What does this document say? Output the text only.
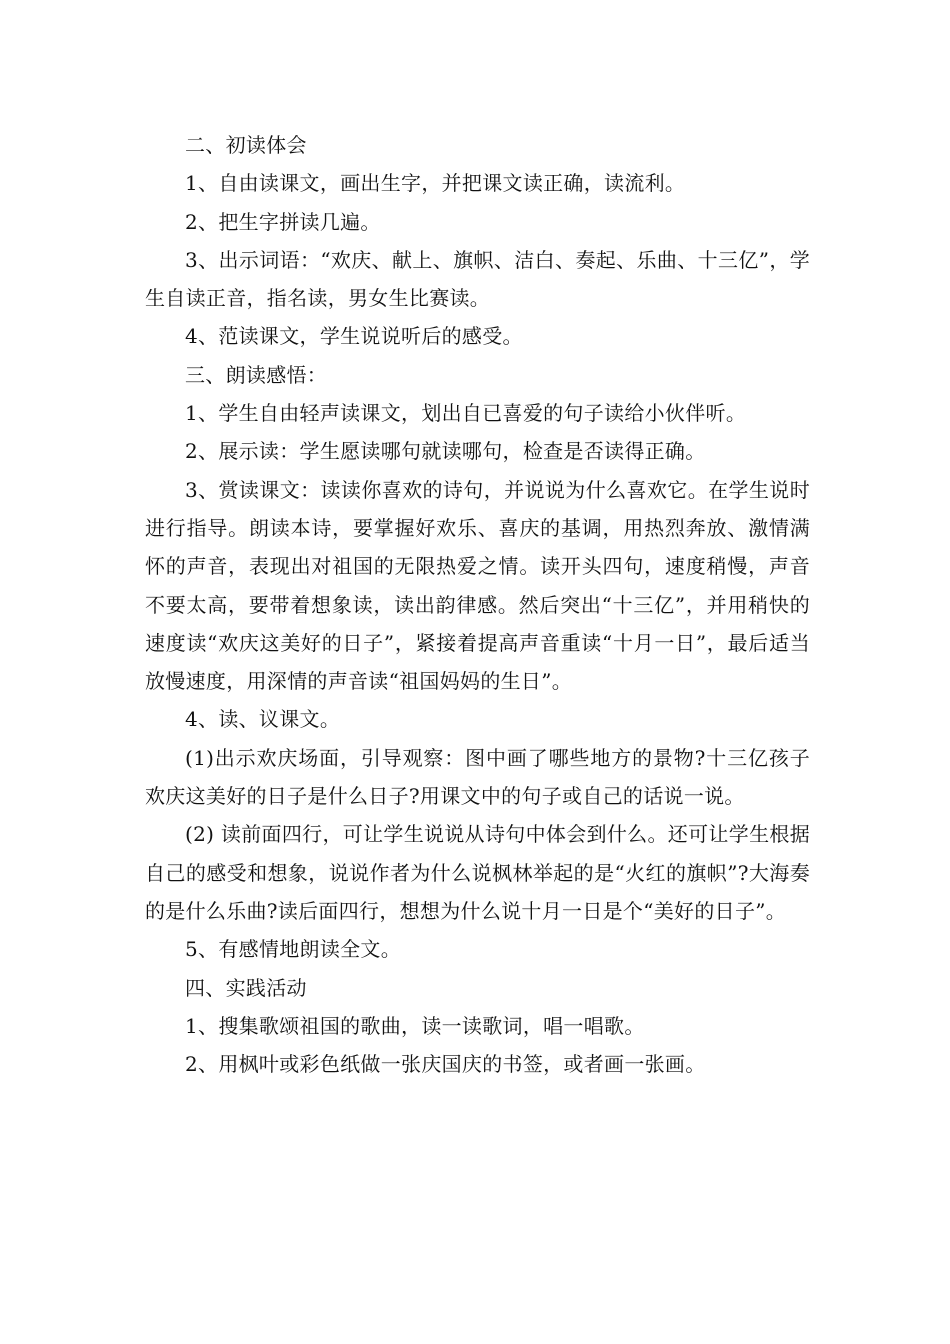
二、初读体会

1、自由读课文，画出生字，并把课文读正确，读流利。

2、把生字拼读几遍。

3、出示词语：“欢庆、献上、旗帜、洁白、奏起、乐曲、十三亿”，学生自读正音，指名读，男女生比赛读。

4、范读课文，学生说说听后的感受。

三、朗读感悟：

1、学生自由轻声读课文，划出自已喜爱的句子读给小伙伴听。

2、展示读：学生愿读哪句就读哪句，检查是否读得正确。

3、赏读课文：读读你喜欢的诗句，并说说为什么喜欢它。在学生说时进行指导。朗读本诗，要掌握好欢乐、喜庆的基调，用热烈奔放、激情满怀的声音，表现出对祖国的无限热爱之情。读开头四句，速度稍慢，声音不要太高，要带着想象读，读出韵律感。然后突出“十三亿”，并用稍快的速度读“欢庆这美好的日子”，紧接着提高声音重读“十月一日”，最后适当放慢速度，用深情的声音读“祖国妈妈的生日”。

4、读、议课文。

(1)出示欢庆场面，引导观察：图中画了哪些地方的景物?十三亿孩子欢庆这美好的日子是什么日子?用课文中的句子或自己的话说一说。

(2) 读前面四行，可让学生说说从诗句中体会到什么。还可让学生根据自己的感受和想象，说说作者为什么说枫林举起的是“火红的旗帜”?大海奏的是什么乐曲?读后面四行，想想为什么说十月一日是个“美好的日子”。

5、有感情地朗读全文。

四、实践活动

1、搜集歌颂祖国的歌曲，读一读歌词，唱一唱歌。

2、用枫叶或彩色纸做一张庆国庆的书签，或者画一张画。
